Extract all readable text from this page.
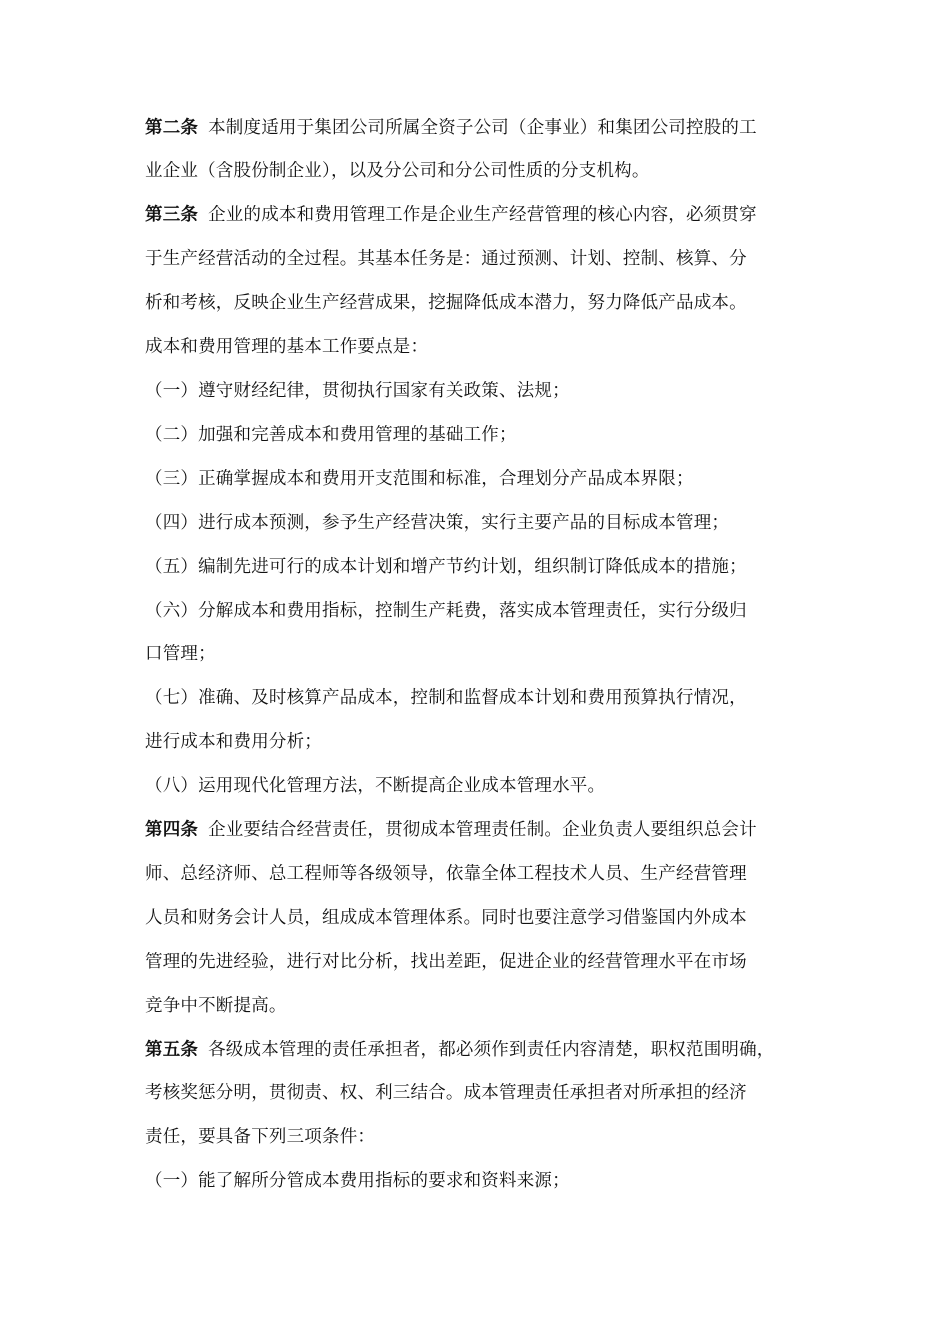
第二条 本制度适用于集团公司所属全资子公司（企事业）和集团公司控股的工
业企业（含股份制企业），以及分公司和分公司性质的分支机构。
第三条 企业的成本和费用管理工作是企业生产经营管理的核心内容，必须贯穿
于生产经营活动的全过程。其基本任务是：通过预测、计划、控制、核算、分
析和考核，反映企业生产经营成果，挖掘降低成本潜力，努力降低产品成本。
成本和费用管理的基本工作要点是：
（一）遵守财经纪律，贯彻执行国家有关政策、法规；
（二）加强和完善成本和费用管理的基础工作；
（三）正确掌握成本和费用开支范围和标准，合理划分产品成本界限；
（四）进行成本预测，参予生产经营决策，实行主要产品的目标成本管理；
（五）编制先进可行的成本计划和增产节约计划，组织制订降低成本的措施；
（六）分解成本和费用指标，控制生产耗费，落实成本管理责任，实行分级归
口管理；
（七）准确、及时核算产品成本，控制和监督成本计划和费用预算执行情况，
进行成本和费用分析；
（八）运用现代化管理方法，不断提高企业成本管理水平。
第四条 企业要结合经营责任，贯彻成本管理责任制。企业负责人要组织总会计
师、总经济师、总工程师等各级领导，依靠全体工程技术人员、生产经营管理
人员和财务会计人员，组成成本管理体系。同时也要注意学习借鉴国内外成本
管理的先进经验，进行对比分析，找出差距，促进企业的经营管理水平在市场
竞争中不断提高。
第五条 各级成本管理的责任承担者，都必须作到责任内容清楚，职权范围明确，
考核奖惩分明，贯彻责、权、利三结合。成本管理责任承担者对所承担的经济
责任，要具备下列三项条件：
（一）能了解所分管成本费用指标的要求和资料来源；
